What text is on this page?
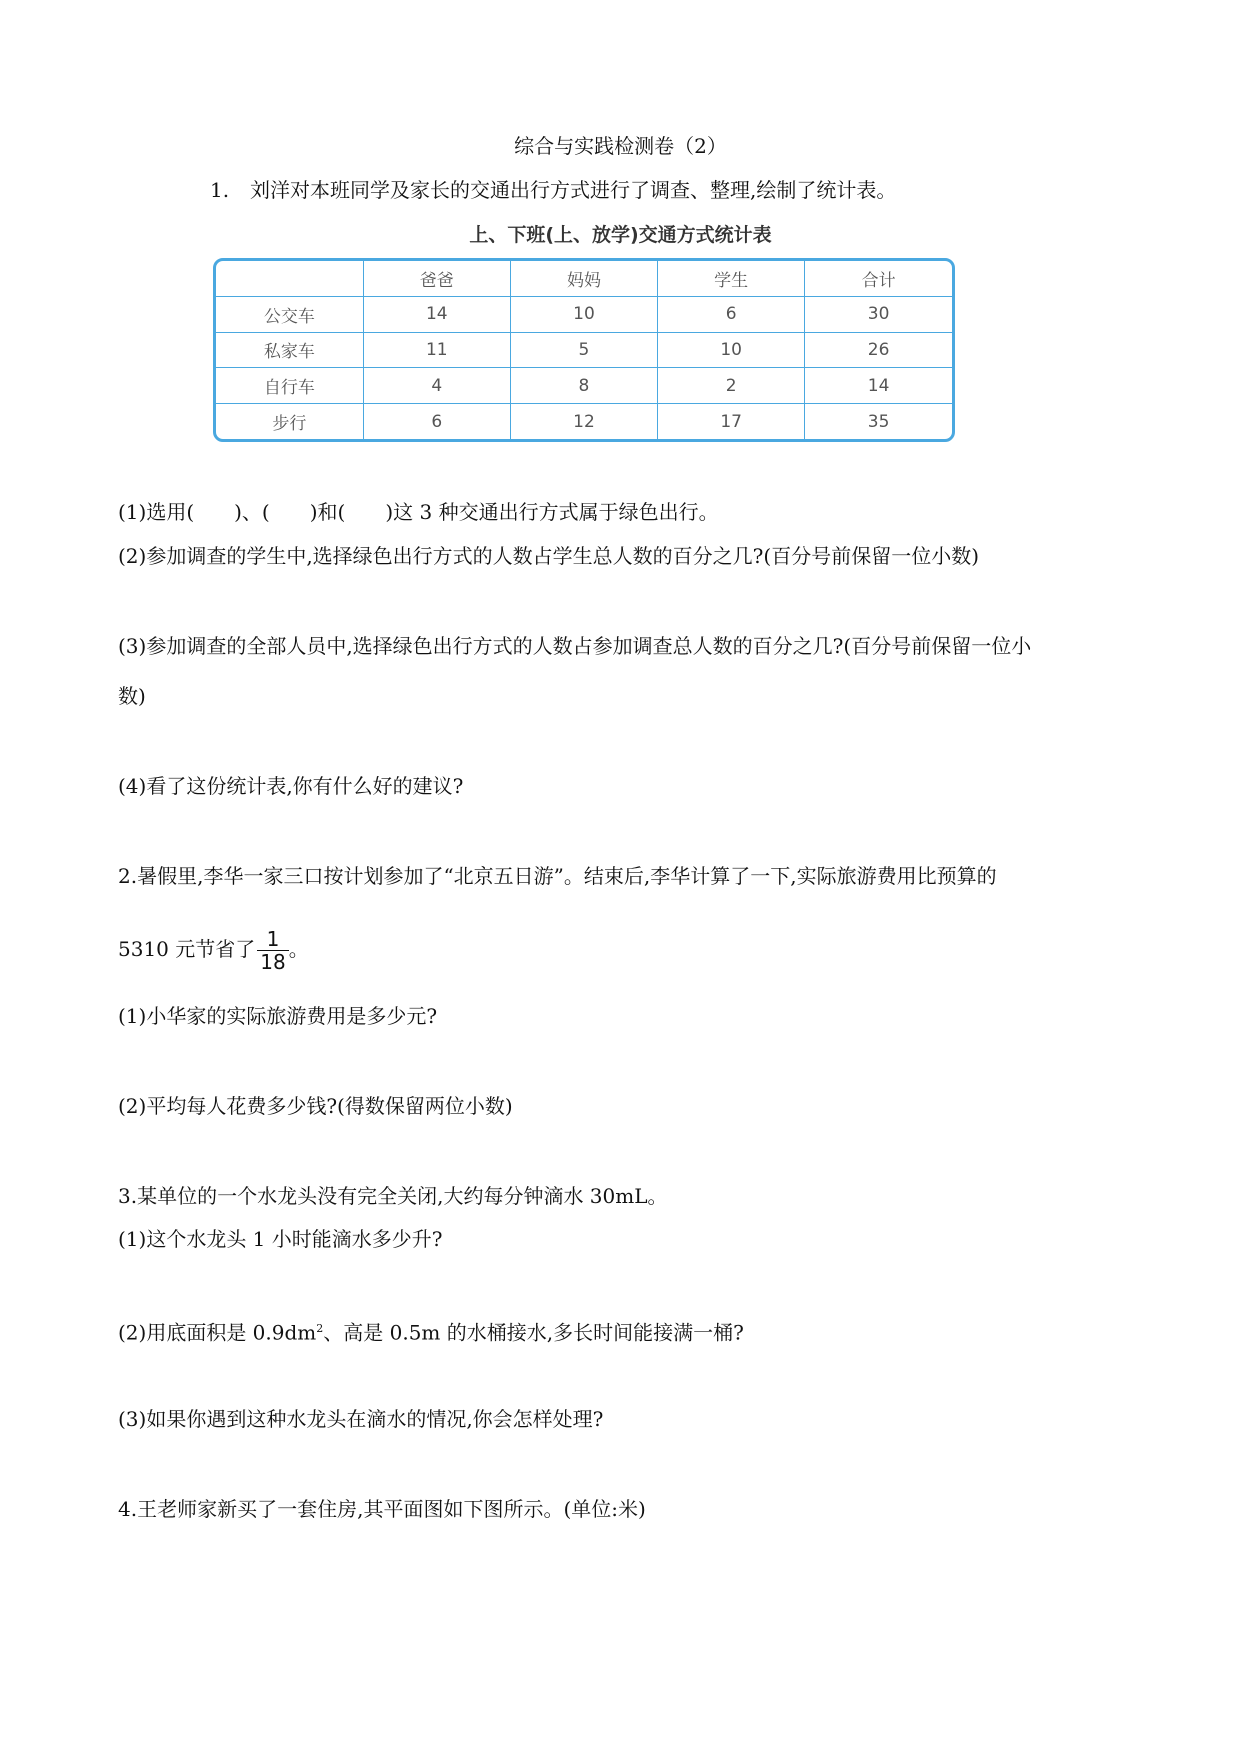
综合与实践检测卷（2）
1. 刘洋对本班同学及家长的交通出行方式进行了调查、整理,绘制了统计表。
上、下班(上、放学)交通方式统计表
	爸爸	妈妈	学生	合计
公交车	14	10	6	30
私家车	11	5	10	26
自行车	4	8	2	14
步行	6	12	17	35
(1)选用(　　)、(　　)和(　　)这 3 种交通出行方式属于绿色出行。
(2)参加调查的学生中,选择绿色出行方式的人数占学生总人数的百分之几?(百分号前保留一位小数)
(3)参加调查的全部人员中,选择绿色出行方式的人数占参加调查总人数的百分之几?(百分号前保留一位小
数)
(4)看了这份统计表,你有什么好的建议?
2.暑假里,李华一家三口按计划参加了“北京五日游”。结束后,李华计算了一下,实际旅游费用比预算的
5310 元节省了 $\frac{1}{18}$ 。
(1)小华家的实际旅游费用是多少元?
(2)平均每人花费多少钱?(得数保留两位小数)
3.某单位的一个水龙头没有完全关闭,大约每分钟滴水 30mL。
(1)这个水龙头 1 小时能滴水多少升?
(2)用底面积是 $0.9dm^2$、高是 0.5m 的水桶接水,多长时间能接满一桶?
(3)如果你遇到这种水龙头在滴水的情况,你会怎样处理?
4.王老师家新买了一套住房,其平面图如下图所示。(单位:米)
